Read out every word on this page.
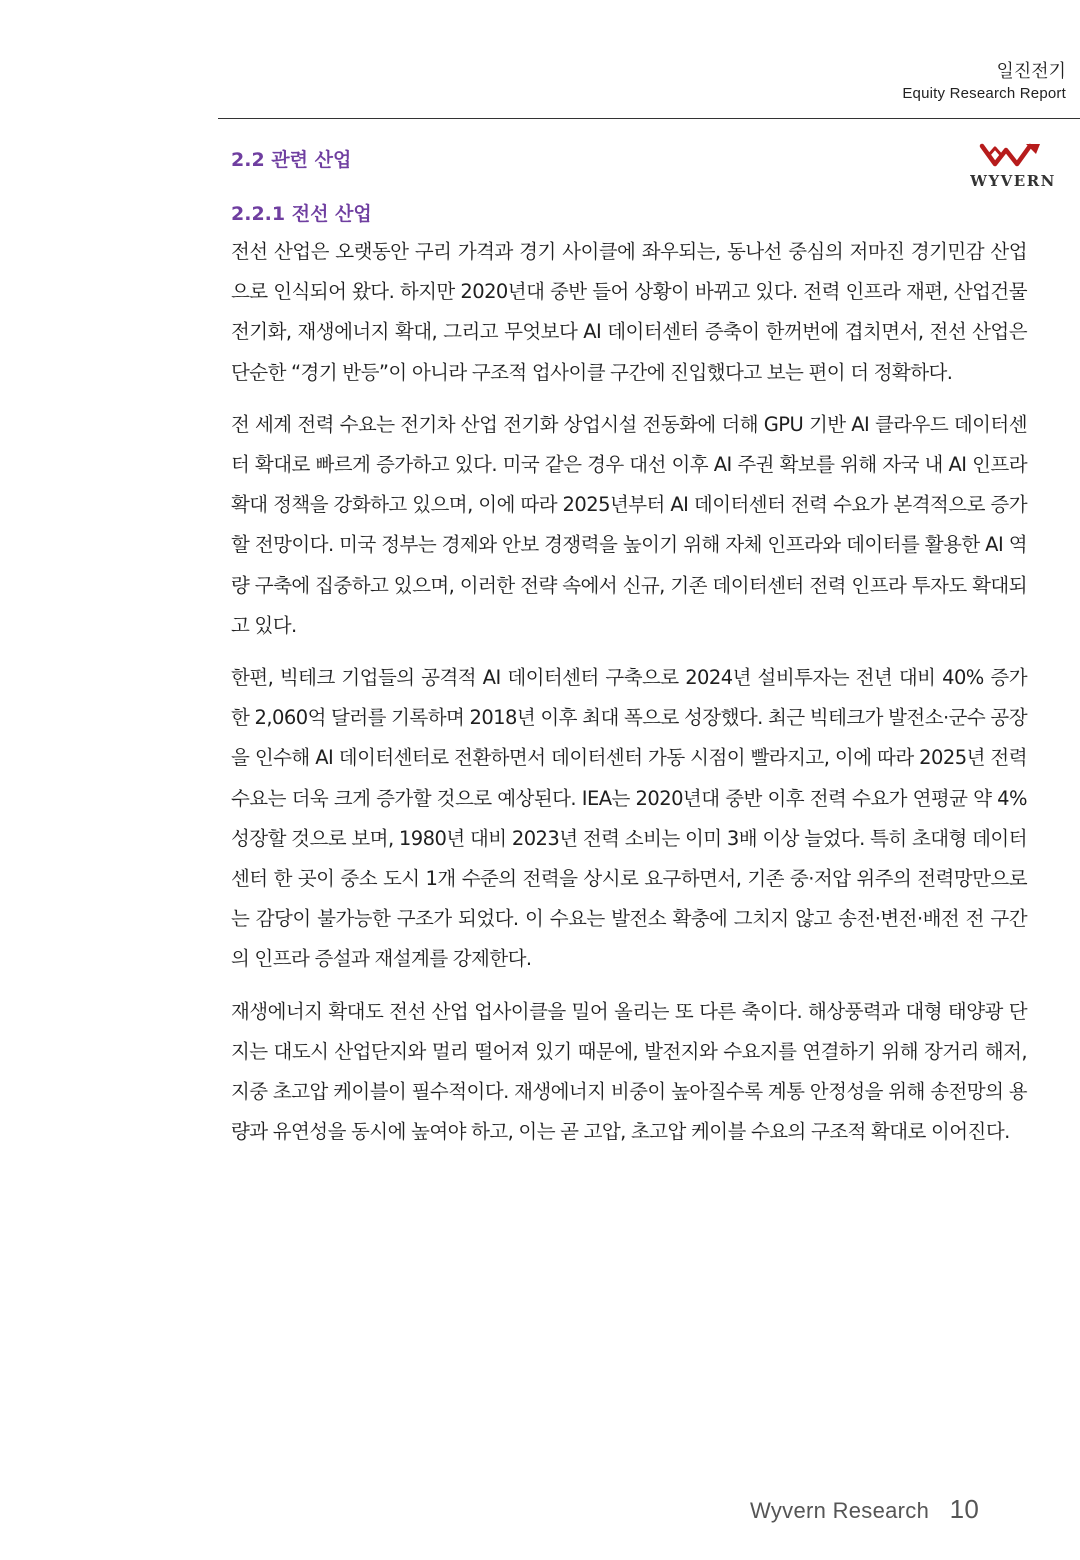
일진전기
Equity Research Report
WYVERN
2.2 관련 산업
2.2.1 전선 산업

전선 산업은 오랫동안 구리 가격과 경기 사이클에 좌우되는, 동나선 중심의 저마진 경기민감 산업으로 인식되어 왔다. 하지만 2020년대 중반 들어 상황이 바뀌고 있다. 전력 인프라 재편, 산업건물 전기화, 재생에너지 확대, 그리고 무엇보다 AI 데이터센터 증축이 한꺼번에 겹치면서, 전선 산업은 단순한 “경기 반등”이 아니라 구조적 업사이클 구간에 진입했다고 보는 편이 더 정확하다.

전 세계 전력 수요는 전기차 산업 전기화 상업시설 전동화에 더해 GPU 기반 AI 클라우드 데이터센터 확대로 빠르게 증가하고 있다. 미국 같은 경우 대선 이후 AI 주권 확보를 위해 자국 내 AI 인프라 확대 정책을 강화하고 있으며, 이에 따라 2025년부터 AI 데이터센터 전력 수요가 본격적으로 증가할 전망이다. 미국 정부는 경제와 안보 경쟁력을 높이기 위해 자체 인프라와 데이터를 활용한 AI 역량 구축에 집중하고 있으며, 이러한 전략 속에서 신규, 기존 데이터센터 전력 인프라 투자도 확대되고 있다.

한편, 빅테크 기업들의 공격적 AI 데이터센터 구축으로 2024년 설비투자는 전년 대비 40% 증가한 2,060억 달러를 기록하며 2018년 이후 최대 폭으로 성장했다. 최근 빅테크가 발전소·군수 공장을 인수해 AI 데이터센터로 전환하면서 데이터센터 가동 시점이 빨라지고, 이에 따라 2025년 전력 수요는 더욱 크게 증가할 것으로 예상된다. IEA는 2020년대 중반 이후 전력 수요가 연평균 약 4% 성장할 것으로 보며, 1980년 대비 2023년 전력 소비는 이미 3배 이상 늘었다. 특히 초대형 데이터센터 한 곳이 중소 도시 1개 수준의 전력을 상시로 요구하면서, 기존 중·저압 위주의 전력망만으로는 감당이 불가능한 구조가 되었다. 이 수요는 발전소 확충에 그치지 않고 송전·변전·배전 전 구간의 인프라 증설과 재설계를 강제한다.

재생에너지 확대도 전선 산업 업사이클을 밀어 올리는 또 다른 축이다. 해상풍력과 대형 태양광 단지는 대도시 산업단지와 멀리 떨어져 있기 때문에, 발전지와 수요지를 연결하기 위해 장거리 해저, 지중 초고압 케이블이 필수적이다. 재생에너지 비중이 높아질수록 계통 안정성을 위해 송전망의 용량과 유연성을 동시에 높여야 하고, 이는 곧 고압, 초고압 케이블 수요의 구조적 확대로 이어진다.

Wyvern Research 10
